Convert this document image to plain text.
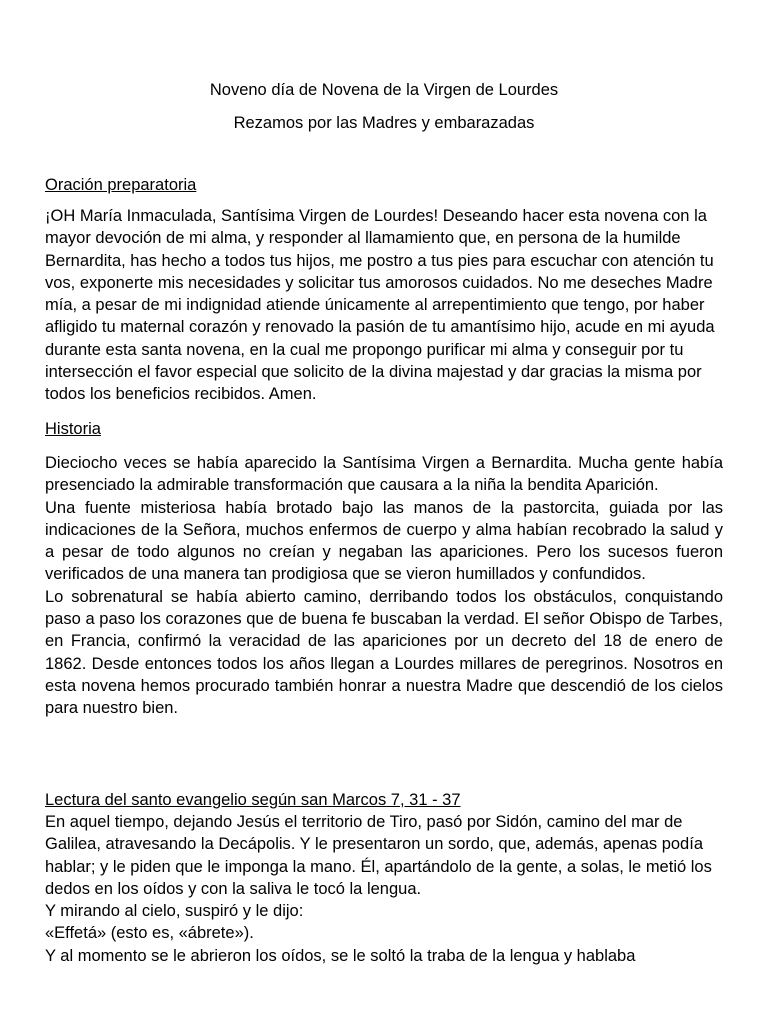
Noveno día de Novena de la Virgen de Lourdes
Rezamos por las Madres y embarazadas
Oración preparatoria

¡OH María Inmaculada, Santísima Virgen de Lourdes! Deseando hacer esta novena con la mayor devoción de mi alma, y responder al llamamiento que, en persona de la humilde Bernardita, has hecho a todos tus hijos, me postro a tus pies para escuchar con atención tu vos, exponerte mis necesidades y solicitar tus amorosos cuidados. No me deseches Madre mía, a pesar de mi indignidad atiende únicamente al arrepentimiento que tengo, por haber afligido tu maternal corazón y renovado la pasión de tu amantísimo hijo, acude en mi ayuda durante esta santa novena, en la cual me propongo purificar mi alma y conseguir por tu intersección el favor especial que solicito de la divina majestad y dar gracias la misma por todos los beneficios recibidos. Amen.

Historia

Dieciocho veces se había aparecido la Santísima Virgen a Bernardita. Mucha gente había presenciado la admirable transformación que causara a la niña la bendita Aparición.

Una fuente misteriosa había brotado bajo las manos de la pastorcita, guiada por las indicaciones de la Señora, muchos enfermos de cuerpo y alma habían recobrado la salud y a pesar de todo algunos no creían y negaban las apariciones. Pero los sucesos fueron verificados de una manera tan prodigiosa que se vieron humillados y confundidos.

Lo sobrenatural se había abierto camino, derribando todos los obstáculos, conquistando paso a paso los corazones que de buena fe buscaban la verdad. El señor Obispo de Tarbes, en Francia, confirmó la veracidad de las apariciones por un decreto del 18 de enero de 1862. Desde entonces todos los años llegan a Lourdes millares de peregrinos. Nosotros en esta novena hemos procurado también honrar a nuestra Madre que descendió de los cielos para nuestro bien.

Lectura del santo evangelio según san Marcos 7, 31 - 37

En aquel tiempo, dejando Jesús el territorio de Tiro, pasó por Sidón, camino del mar de Galilea, atravesando la Decápolis. Y le presentaron un sordo, que, además, apenas podía hablar; y le piden que le imponga la mano. Él, apartándolo de la gente, a solas, le metió los dedos en los oídos y con la saliva le tocó la lengua.

Y mirando al cielo, suspiró y le dijo:

«Effetá» (esto es, «ábrete»).

Y al momento se le abrieron los oídos, se le soltó la traba de la lengua y hablaba
